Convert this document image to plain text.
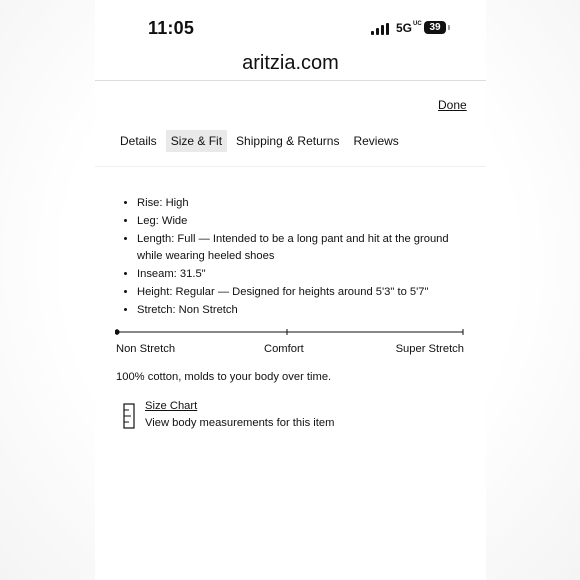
11:05	$5G^{UC}$ 39
aritzia.com
Done
Details	Size & Fit	Shipping & Returns	Reviews
• Rise: High
• Leg: Wide
• Length: Full — Intended to be a long pant and hit at the ground while wearing heeled shoes
• Inseam: 31.5"
• Height: Regular — Designed for heights around 5'3" to 5'7"
• Stretch: Non Stretch
Non Stretch	Comfort	Super Stretch
100% cotton, molds to your body over time.
Size Chart
View body measurements for this item
